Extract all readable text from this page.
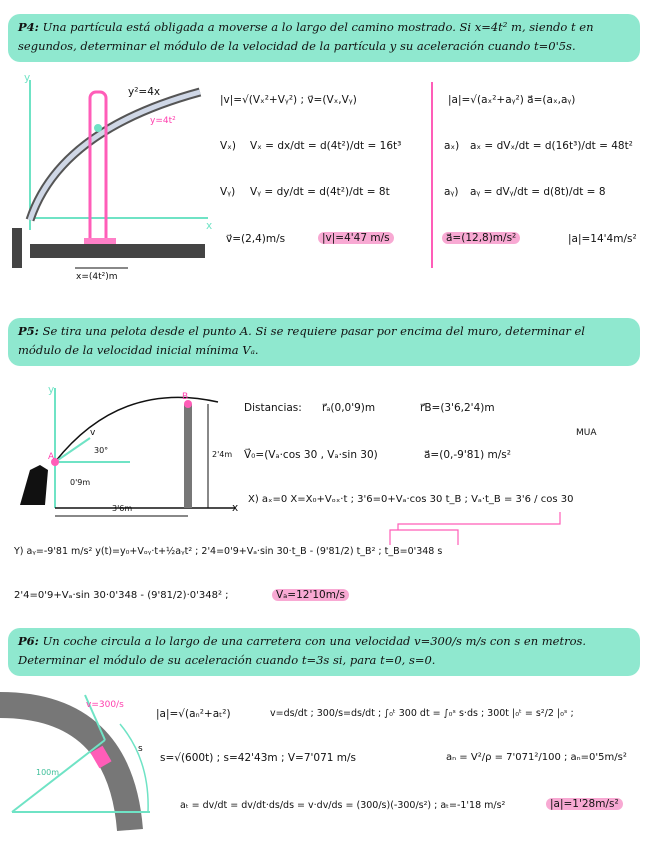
P4: Una partícula está obligada a moverse a lo largo del camino mostrado. Si x=4t² m, siendo t en segundos, determinar el módulo de la velocidad de la partícula y su aceleración cuando t=0'5s.
y²=4x
y=4t²
x=(4t²)m
y
x
|v|=√(Vₓ²+Vᵧ²) ; v⃗=(Vₓ,Vᵧ)
Vₓ) Vₓ = dx/dt = d(4t²)/dt = 16t³
Vᵧ) Vᵧ = dy/dt = d(4t²)/dt = 8t
v⃗=(2,4)m/s	|v|=4'47 m/s
|a|=√(aₓ²+aᵧ²) a⃗=(aₓ,aᵧ)
aₓ) aₓ = dVₓ/dt = d(16t³)/dt = 48t²
aᵧ) aᵧ = dVᵧ/dt = d(8t)/dt = 8
a⃗=(12,8)m/s²	|a|=14'4m/s²
P5: Se tira una pelota desde el punto A. Si se requiere pasar por encima del muro, determinar el módulo de la velocidad inicial mínima Vₐ.
A
B
v
30°
0'9m
2'4m
3'6m
y
x
Distancias: r⃗ₐ(0,0'9)m	r⃗B=(3'6,2'4)m
MUA
V⃗₀=(Vₐ·cos 30 , Vₐ·sin 30)	a⃗=(0,-9'81) m/s²
X) aₓ=0 X=X₀+Vₒₓ·t ; 3'6=0+Vₐ·cos 30 t_B ; Vₐ·t_B = 3'6 / cos 30
Y) aᵧ=-9'81 m/s² y(t)=y₀+Vₒᵧ·t+½aᵧt² ; 2'4=0'9+Vₐ·sin 30·t_B - (9'81/2) t_B² ; t_B=0'348 s
2'4=0'9+Vₐ·sin 30·0'348 - (9'81/2)·0'348² ;	Vₐ=12'10m/s
P6: Un coche circula a lo largo de una carretera con una velocidad v=300/s m/s con s en metros. Determinar el módulo de su aceleración cuando t=3s si, para t=0, s=0.
v=300/s
100m
s
|a|=√(aₙ²+aₜ²)	v=ds/dt ; 300/s=ds/dt ; ∫₀ᵗ 300 dt = ∫₀ˢ s·ds ; 300t |₀ᵗ = s²/2 |₀ˢ ;
s=√(600t) ; s=42'43m ; V=7'071 m/s	aₙ = V²/ρ = 7'071²/100 ; aₙ=0'5m/s²
aₜ = dv/dt = dv/dt·ds/ds = v·dv/ds = (300/s)(-300/s²) ; aₜ=-1'18 m/s²	|a|=1'28m/s²
